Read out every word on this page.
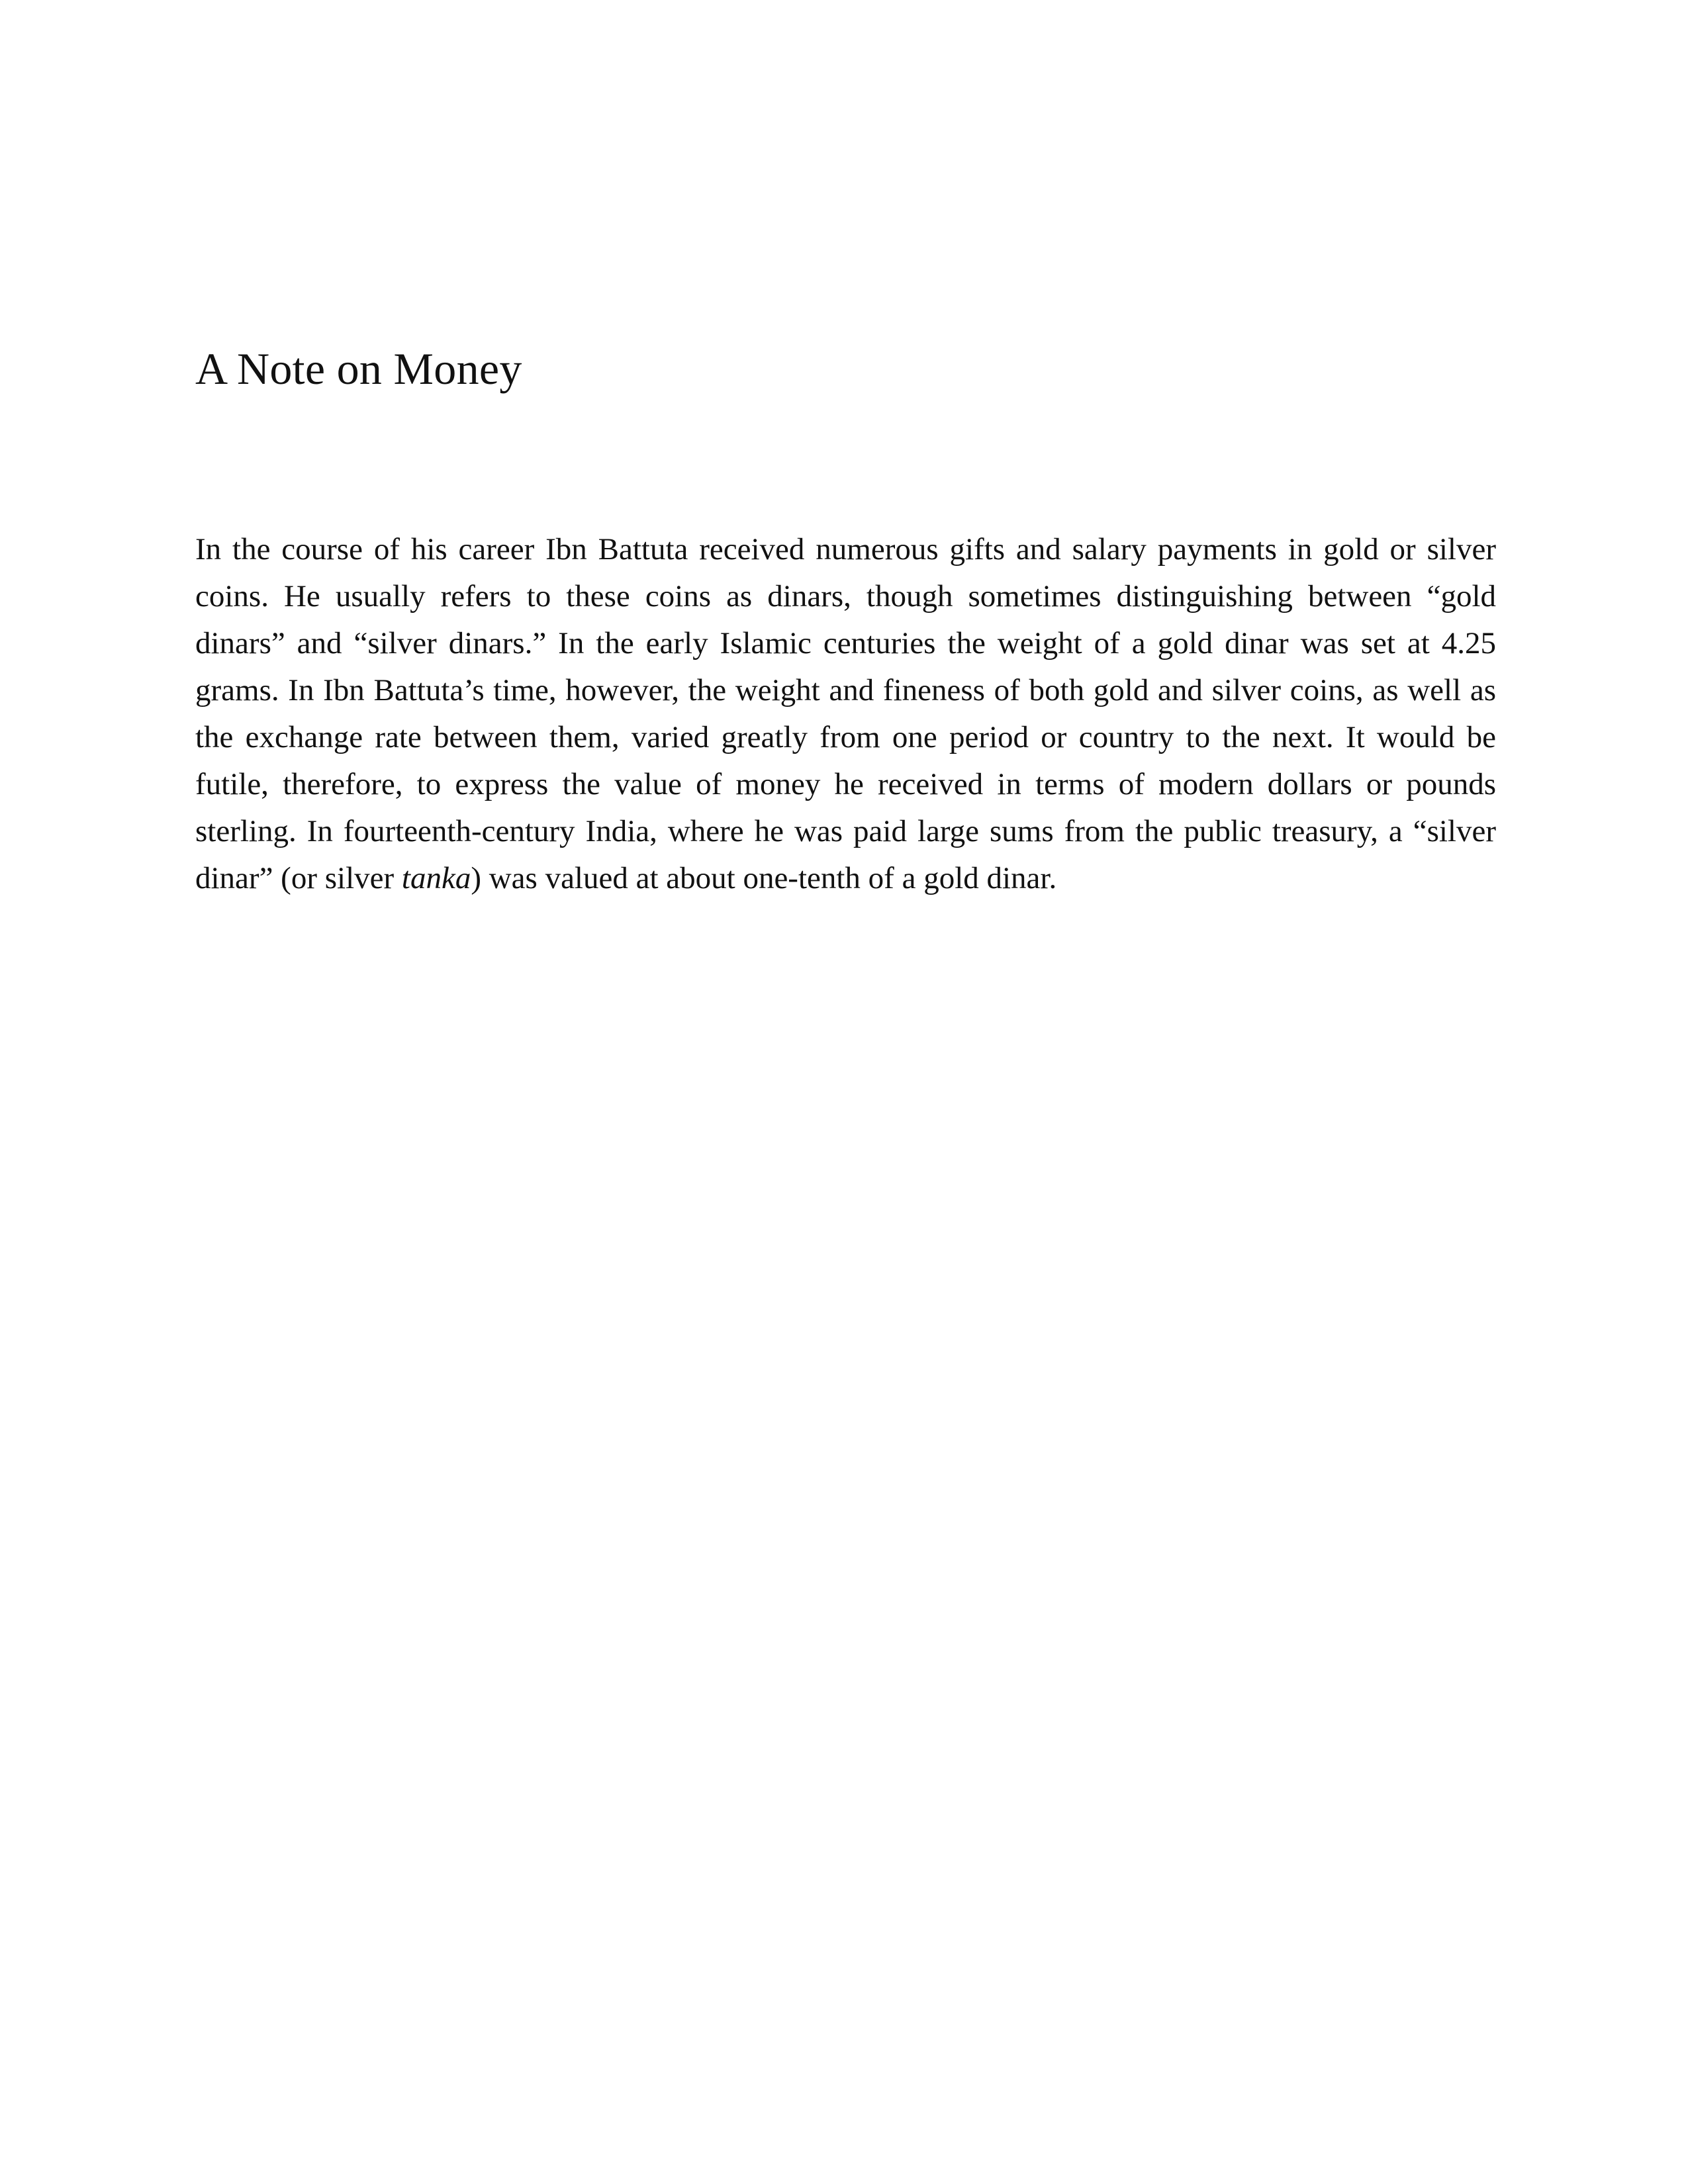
A Note on Money

In the course of his career Ibn Battuta received numerous gifts and salary payments in gold or silver coins. He usually refers to these coins as dinars, though sometimes distinguishing between “gold dinars” and “silver dinars.” In the early Islamic centuries the weight of a gold dinar was set at 4.25 grams. In Ibn Battuta’s time, however, the weight and fineness of both gold and silver coins, as well as the exchange rate between them, varied greatly from one period or country to the next. It would be futile, therefore, to express the value of money he received in terms of modern dollars or pounds sterling. In fourteenth-century India, where he was paid large sums from the public treasury, a “silver dinar” (or silver tanka) was valued at about one-tenth of a gold dinar.
